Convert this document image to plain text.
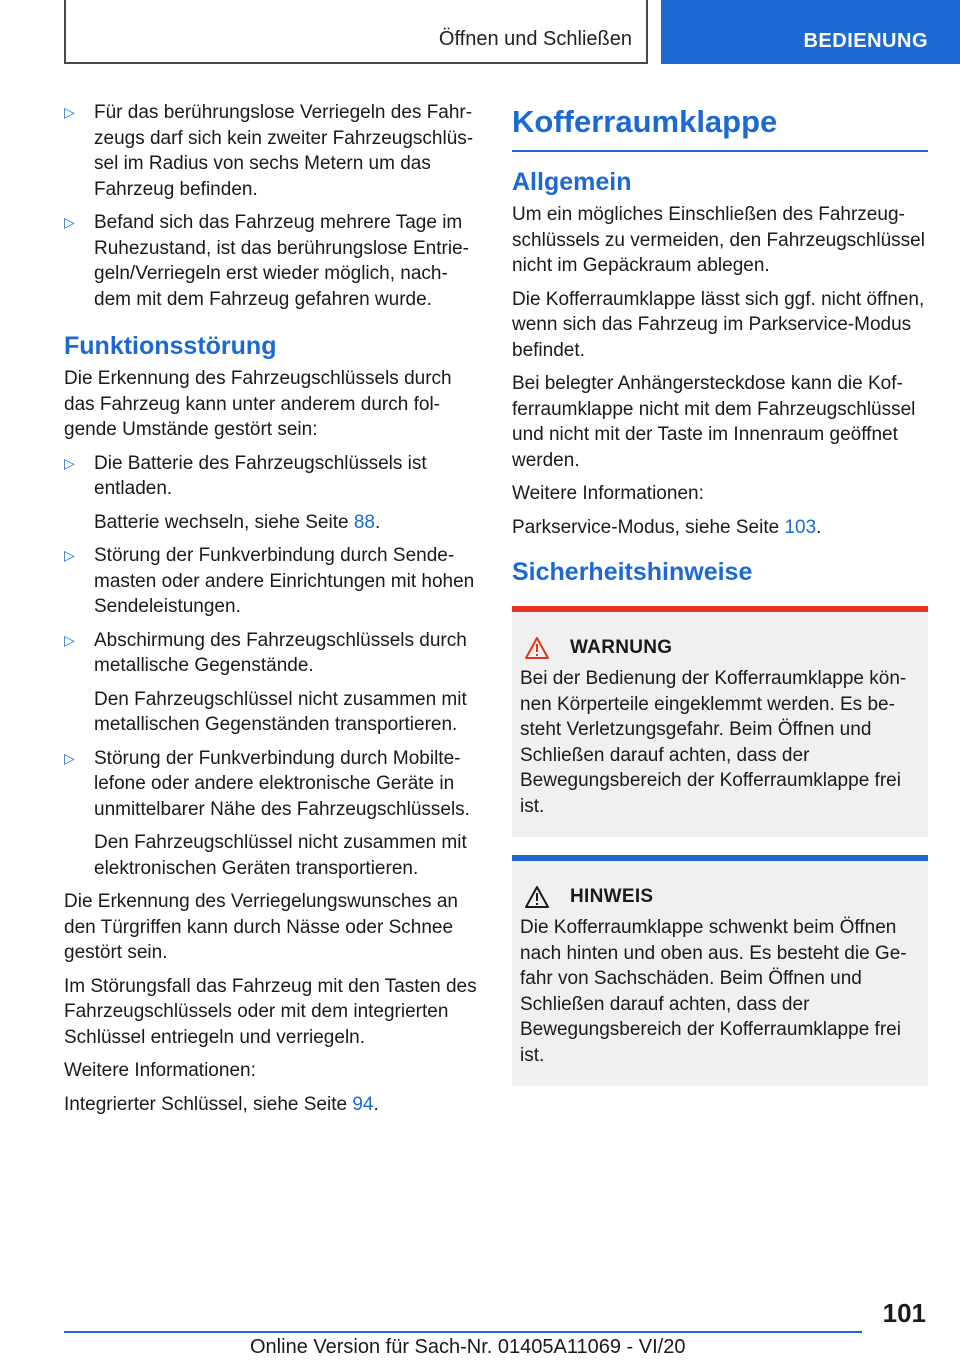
Öffnen und Schließen	BEDIENUNG
▷ Für das berührungslose Verriegeln des Fahrzeugs darf sich kein zweiter Fahrzeugschlüssel im Radius von sechs Metern um das Fahrzeug befinden.

▷ Befand sich das Fahrzeug mehrere Tage im Ruhezustand, ist das berührungslose Entriegeln/Verriegeln erst wieder möglich, nachdem mit dem Fahrzeug gefahren wurde.

Funktionsstörung

Die Erkennung des Fahrzeugschlüssels durch das Fahrzeug kann unter anderem durch folgende Umstände gestört sein:

▷ Die Batterie des Fahrzeugschlüssels ist entladen.

Batterie wechseln, siehe Seite 88.

▷ Störung der Funkverbindung durch Sendemasten oder andere Einrichtungen mit hohen Sendeleistungen.

▷ Abschirmung des Fahrzeugschlüssels durch metallische Gegenstände.

Den Fahrzeugschlüssel nicht zusammen mit metallischen Gegenständen transportieren.

▷ Störung der Funkverbindung durch Mobiltelefone oder andere elektronische Geräte in unmittelbarer Nähe des Fahrzeugschlüssels.

Den Fahrzeugschlüssel nicht zusammen mit elektronischen Geräten transportieren.

Die Erkennung des Verriegelungswunsches an den Türgriffen kann durch Nässe oder Schnee gestört sein.

Im Störungsfall das Fahrzeug mit den Tasten des Fahrzeugschlüssels oder mit dem integrierten Schlüssel entriegeln und verriegeln.

Weitere Informationen:

Integrierter Schlüssel, siehe Seite 94.

Kofferraumklappe
Allgemein

Um ein mögliches Einschließen des Fahrzeugschlüssels zu vermeiden, den Fahrzeugschlüssel nicht im Gepäckraum ablegen.

Die Kofferraumklappe lässt sich ggf. nicht öffnen, wenn sich das Fahrzeug im Parkservice-Modus befindet.

Bei belegter Anhängersteckdose kann die Kofferraumklappe nicht mit dem Fahrzeugschlüssel und nicht mit der Taste im Innenraum geöffnet werden.

Weitere Informationen:

Parkservice-Modus, siehe Seite 103.

Sicherheitshinweise
WARNUNG

Bei der Bedienung der Kofferraumklappe können Körperteile eingeklemmt werden. Es besteht Verletzungsgefahr. Beim Öffnen und Schließen darauf achten, dass der Bewegungsbereich der Kofferraumklappe frei ist.

HINWEIS

Die Kofferraumklappe schwenkt beim Öffnen nach hinten und oben aus. Es besteht die Gefahr von Sachschäden. Beim Öffnen und Schließen darauf achten, dass der Bewegungsbereich der Kofferraumklappe frei ist.

101
Online Version für Sach-Nr. 01405A11069 - VI/20
